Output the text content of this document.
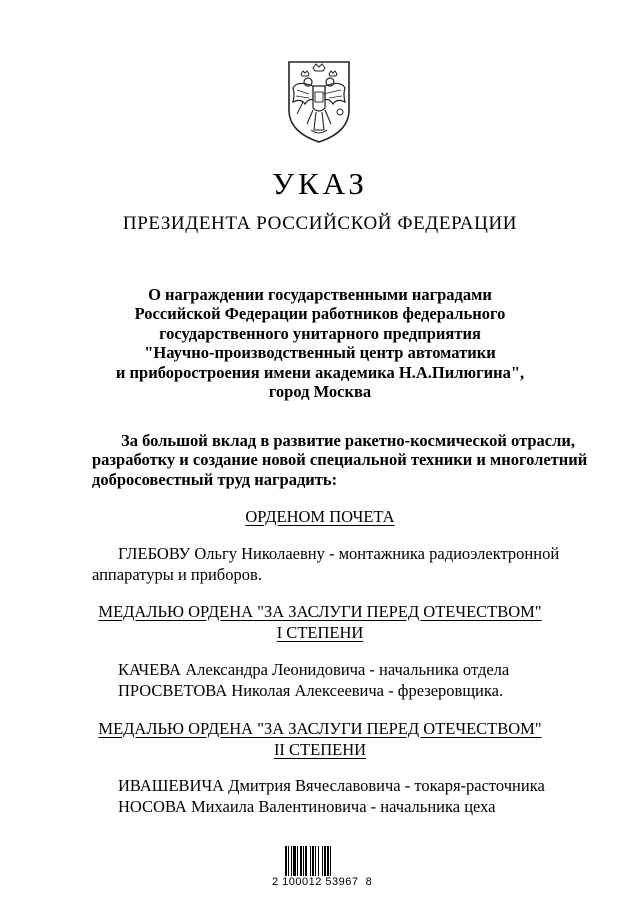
УКАЗ
ПРЕЗИДЕНТА РОССИЙСКОЙ ФЕДЕРАЦИИ
О награждении государственными наградами
Российской Федерации работников федерального
государственного унитарного предприятия
"Научно-производственный центр автоматики
и приборостроения имени академика Н.А.Пилюгина",
город Москва
За большой вклад в развитие ракетно-космической отрасли,
разработку и создание новой специальной техники и многолетний
добросовестный труд наградить:
ОРДЕНОМ ПОЧЕТА
ГЛЕБОВУ Ольгу Николаевну - монтажника радиоэлектронной
аппаратуры и приборов.
МЕДАЛЬЮ ОРДЕНА "ЗА ЗАСЛУГИ ПЕРЕД ОТЕЧЕСТВОМ"
I СТЕПЕНИ
КАЧЕВА Александра Леонидовича - начальника отдела
ПРОСВЕТОВА Николая Алексеевича - фрезеровщика.
МЕДАЛЬЮ ОРДЕНА "ЗА ЗАСЛУГИ ПЕРЕД ОТЕЧЕСТВОМ"
II СТЕПЕНИ
ИВАШЕВИЧА Дмитрия Вячеславовича - токаря-расточника
НОСОВА Михаила Валентиновича - начальника цеха
2 100012 53967  8
